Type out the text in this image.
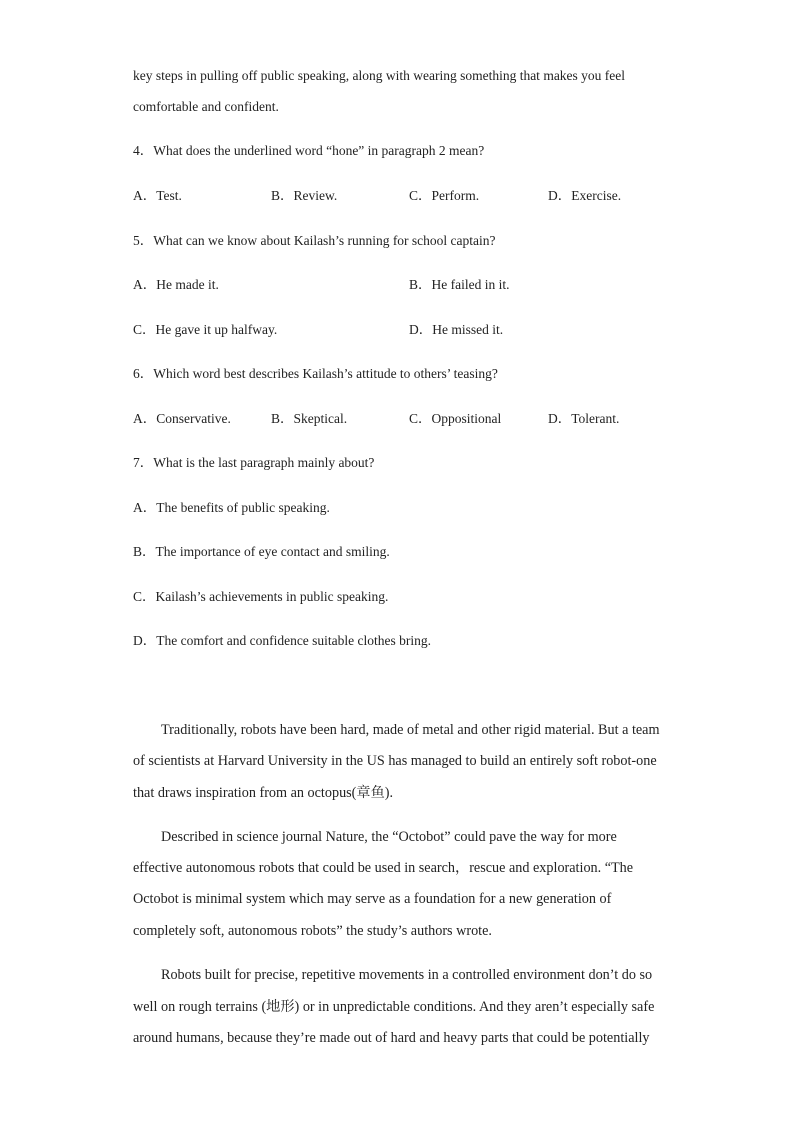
key steps in pulling off public speaking, along with wearing something that makes you feel
comfortable and confident.
4．What does the underlined word “hone” in paragraph 2 mean?
A．Test.	B．Review.	C．Perform.	D．Exercise.
5．What can we know about Kailash’s running for school captain?
A．He made it.	B．He failed in it.
C．He gave it up halfway.	D．He missed it.
6．Which word best describes Kailash’s attitude to others’ teasing?
A．Conservative.	B．Skeptical.	C．Oppositional	D．Tolerant.
7．What is the last paragraph mainly about?
A．The benefits of public speaking.
B．The importance of eye contact and smiling.
C．Kailash’s achievements in public speaking.
D．The comfort and confidence suitable clothes bring.
Traditionally, robots have been hard, made of metal and other rigid material. But a team
of scientists at Harvard University in the US has managed to build an entirely soft robot-one
that draws inspiration from an octopus(章鱼).
Described in science journal Nature, the “Octobot” could pave the way for more
effective autonomous robots that could be used in search，rescue and exploration. “The
Octobot is minimal system which may serve as a foundation for a new generation of
completely soft, autonomous robots” the study’s authors wrote.
Robots built for precise, repetitive movements in a controlled environment don’t do so
well on rough terrains (地形) or in unpredictable conditions. And they aren’t especially safe
around humans, because they’re made out of hard and heavy parts that could be potentially
